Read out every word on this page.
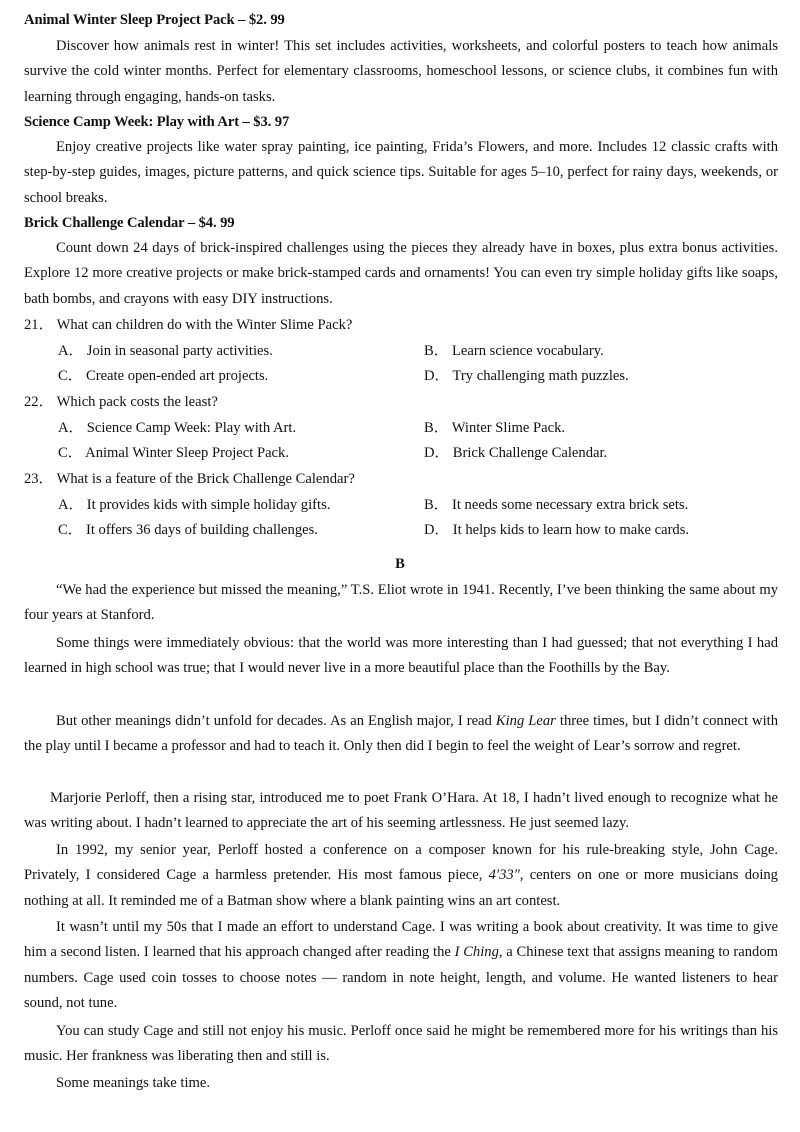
Animal Winter Sleep Project Pack – $2. 99
Discover how animals rest in winter! This set includes activities, worksheets, and colorful posters to teach how animals survive the cold winter months. Perfect for elementary classrooms, homeschool lessons, or science clubs, it combines fun with learning through engaging, hands-on tasks.
Science Camp Week: Play with Art – $3. 97
Enjoy creative projects like water spray painting, ice painting, Frida’s Flowers, and more. Includes 12 classic crafts with step-by-step guides, images, picture patterns, and quick science tips. Suitable for ages 5–10, perfect for rainy days, weekends, or school breaks.
Brick Challenge Calendar – $4. 99
Count down 24 days of brick-inspired challenges using the pieces they already have in boxes, plus extra bonus activities. Explore 12 more creative projects or make brick-stamped cards and ornaments! You can even try simple holiday gifts like soaps, bath bombs, and crayons with easy DIY instructions.
21． What can children do with the Winter Slime Pack?
A． Join in seasonal party activities.	B． Learn science vocabulary.
C． Create open-ended art projects.	D． Try challenging math puzzles.
22． Which pack costs the least?
A． Science Camp Week: Play with Art.	B． Winter Slime Pack.
C． Animal Winter Sleep Project Pack.	D． Brick Challenge Calendar.
23． What is a feature of the Brick Challenge Calendar?
A． It provides kids with simple holiday gifts.	B． It needs some necessary extra brick sets.
C． It offers 36 days of building challenges.	D． It helps kids to learn how to make cards.
B
“We had the experience but missed the meaning,” T.S. Eliot wrote in 1941. Recently, I’ve been thinking the same about my four years at Stanford.
Some things were immediately obvious: that the world was more interesting than I had guessed; that not everything I had learned in high school was true; that I would never live in a more beautiful place than the Foothills by the Bay.
But other meanings didn’t unfold for decades. As an English major, I read King Lear three times, but I didn’t connect with the play until I became a professor and had to teach it. Only then did I begin to feel the weight of Lear’s sorrow and regret.
Marjorie Perloff, then a rising star, introduced me to poet Frank O’Hara. At 18, I hadn’t lived enough to recognize what he was writing about. I hadn’t learned to appreciate the art of his seeming artlessness. He just seemed lazy.
In 1992, my senior year, Perloff hosted a conference on a composer known for his rule-breaking style, John Cage. Privately, I considered Cage a harmless pretender. His most famous piece, 4′33″, centers on one or more musicians doing nothing at all. It reminded me of a Batman show where a blank painting wins an art contest.
It wasn’t until my 50s that I made an effort to understand Cage. I was writing a book about creativity. It was time to give him a second listen. I learned that his approach changed after reading the I Ching, a Chinese text that assigns meaning to random numbers. Cage used coin tosses to choose notes — random in note height, length, and volume. He wanted listeners to hear sound, not tune.
You can study Cage and still not enjoy his music. Perloff once said he might be remembered more for his writings than his music. Her frankness was liberating then and still is.
Some meanings take time.
